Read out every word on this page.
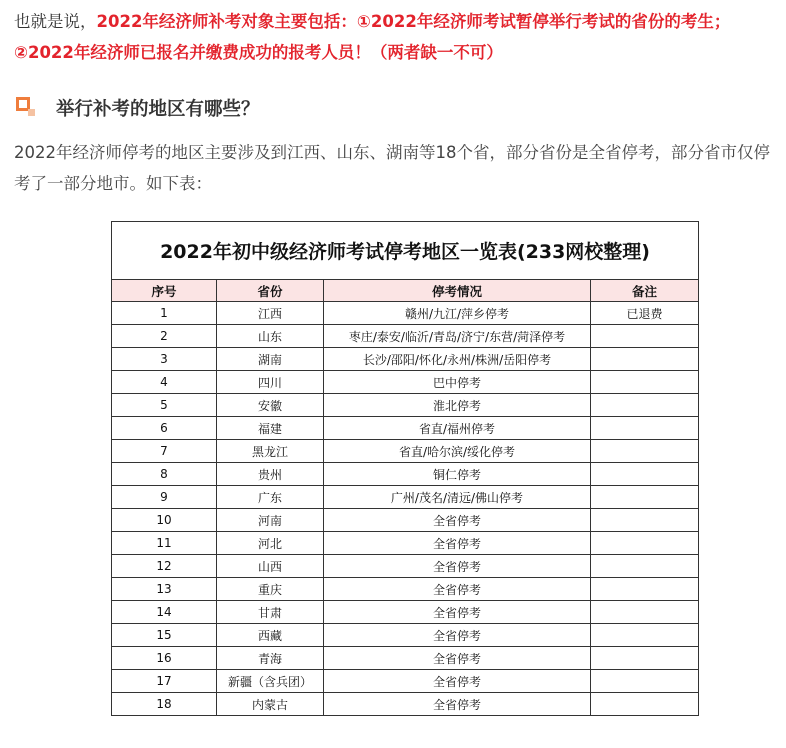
也就是说，2022年经济师补考对象主要包括：①2022年经济师考试暂停举行考试的省份的考生；②2022年经济师已报名并缴费成功的报考人员！（两者缺一不可）
举行补考的地区有哪些？
2022年经济师停考的地区主要涉及到江西、山东、湖南等18个省，部分省份是全省停考，部分省市仅停考了一部分地市。如下表：
2022年初中级经济师考试停考地区一览表(233网校整理)			
序号	省份	停考情况	备注
1	江西	赣州/九江/萍乡停考	已退费
2	山东	枣庄/泰安/临沂/青岛/济宁/东营/菏泽停考	
3	湖南	长沙/邵阳/怀化/永州/株洲/岳阳停考	
4	四川	巴中停考	
5	安徽	淮北停考	
6	福建	省直/福州停考	
7	黑龙江	省直/哈尔滨/绥化停考	
8	贵州	铜仁停考	
9	广东	广州/茂名/清远/佛山停考	
10	河南	全省停考	
11	河北	全省停考	
12	山西	全省停考	
13	重庆	全省停考	
14	甘肃	全省停考	
15	西藏	全省停考	
16	青海	全省停考	
17	新疆（含兵团）	全省停考	
18	内蒙古	全省停考	
